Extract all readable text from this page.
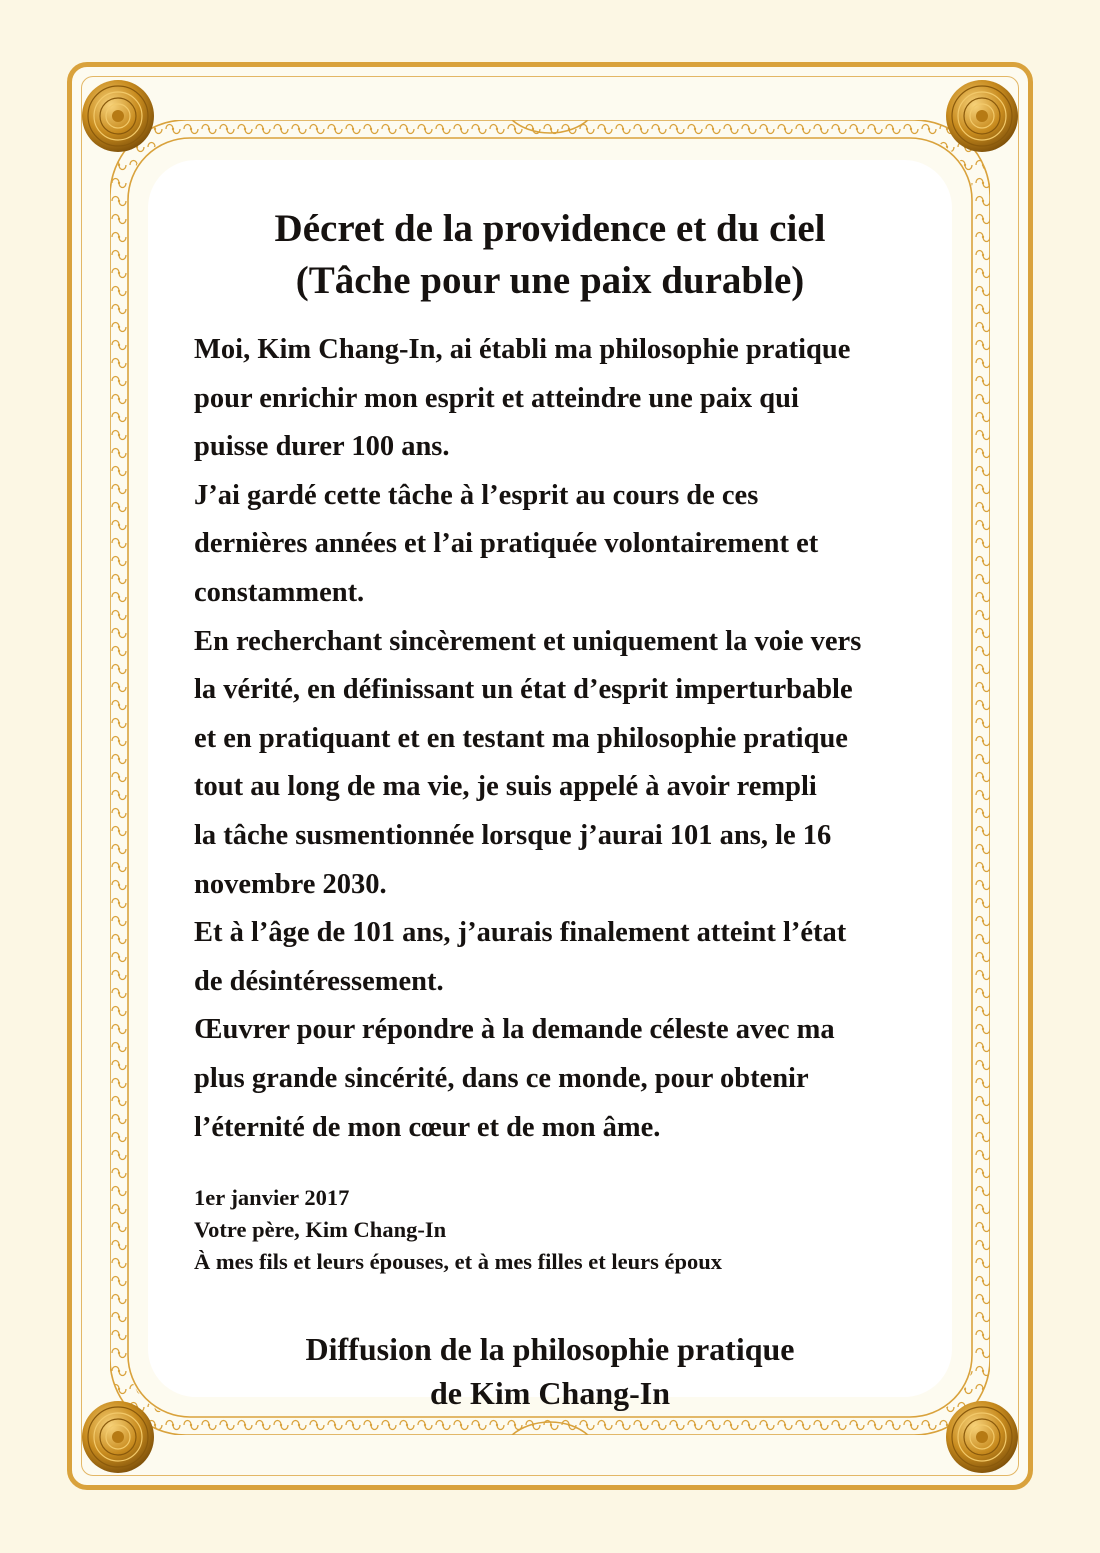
Décret de la providence et du ciel
(Tâche pour une paix durable)

Moi, Kim Chang-In, ai établi ma philosophie pratique

pour enrichir mon esprit et atteindre une paix qui

puisse durer 100 ans.

J’ai gardé cette tâche à l’esprit au cours de ces

dernières années et l’ai pratiquée volontairement et

constamment.

En recherchant sincèrement et uniquement la voie vers

la vérité, en définissant un état d’esprit imperturbable

et en pratiquant et en testant ma philosophie pratique

tout au long de ma vie, je suis appelé à avoir rempli

la tâche susmentionnée lorsque j’aurai 101 ans, le 16

novembre 2030.

Et à l’âge de 101 ans, j’aurais finalement atteint l’état

de désintéressement.

Œuvrer pour répondre à la demande céleste avec ma

plus grande sincérité, dans ce monde, pour obtenir

l’éternité de mon cœur et de mon âme.

1er janvier 2017
Votre père, Kim Chang-In
À mes fils et leurs épouses, et à mes filles et leurs époux
Diffusion de la philosophie pratique
de Kim Chang-In
